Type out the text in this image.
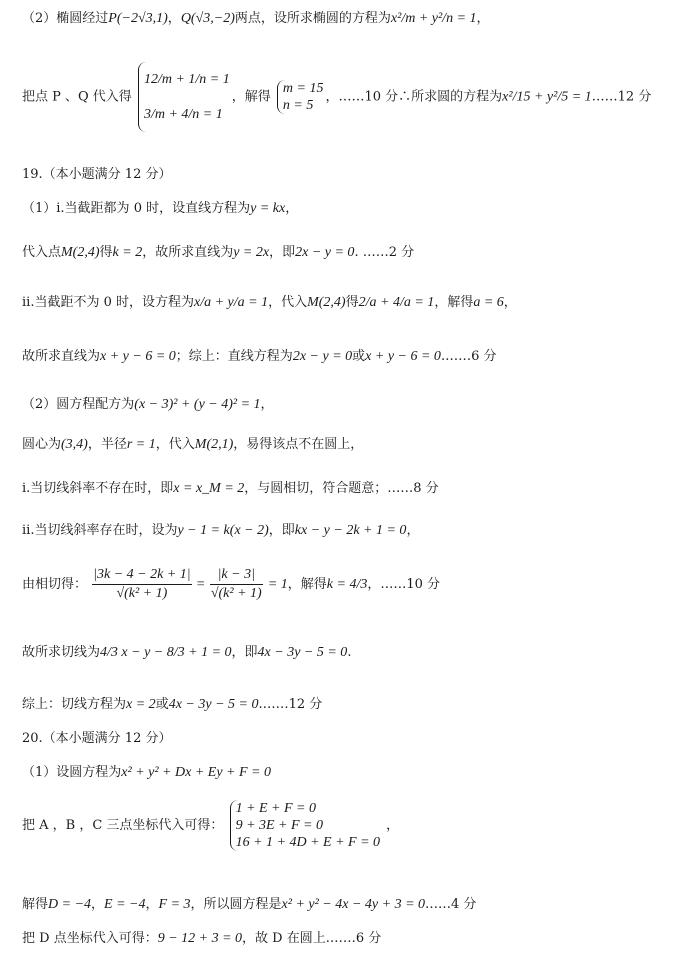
（2）椭圆经过P(−2√3,1)，Q(√3,−2)两点，设所求椭圆的方程为x²/m + y²/n = 1，
把点 P 、Q 代入得
12/m + 1/n = 1
3/m + 4/n = 1
，解得
m = 15
n = 5
，……10 分∴所求圆的方程为x²/15 + y²/5 = 1……12 分
19.（本小题满分 12 分）
（1）ⅰ.当截距都为 0 时，设直线方程为y = kx，
代入点M(2,4)得k = 2，故所求直线为y = 2x，即2x − y = 0. ……2 分
ⅱ.当截距不为 0 时，设方程为x/a + y/a = 1，代入M(2,4)得2/a + 4/a = 1，解得a = 6，
故所求直线为x + y − 6 = 0；综上：直线方程为2x − y = 0或x + y − 6 = 0.……6 分
（2）圆方程配方为(x − 3)² + (y − 4)² = 1，
圆心为(3,4)，半径r = 1，代入M(2,1)，易得该点不在圆上，
ⅰ.当切线斜率不存在时，即x = x_M = 2，与圆相切，符合题意；……8 分
ⅱ.当切线斜率存在时，设为y − 1 = k(x − 2)，即kx − y − 2k + 1 = 0，
由相切得： $\frac{|3k - 4 - 2k + 1|}{\text{√(k² + 1)}} = \frac{|k - 3|}{\text{√(k² + 1)}} = 1$，解得k = 4/3，……10 分
故所求切线为4/3 x − y − 8/3 + 1 = 0，即4x − 3y − 5 = 0.
综上：切线方程为x = 2或4x − 3y − 5 = 0.……12 分
20.（本小题满分 12 分）
（1）设圆方程为x² + y² + Dx + Ey + F = 0
把 A ，B ，C 三点坐标代入可得：
1 + E + F = 0
9 + 3E + F = 0
16 + 1 + 4D + E + F = 0
，
解得D = −4，E = −4，F = 3，所以圆方程是x² + y² − 4x − 4y + 3 = 0……4 分
把 D 点坐标代入可得：9 − 12 + 3 = 0，故 D 在圆上.……6 分
